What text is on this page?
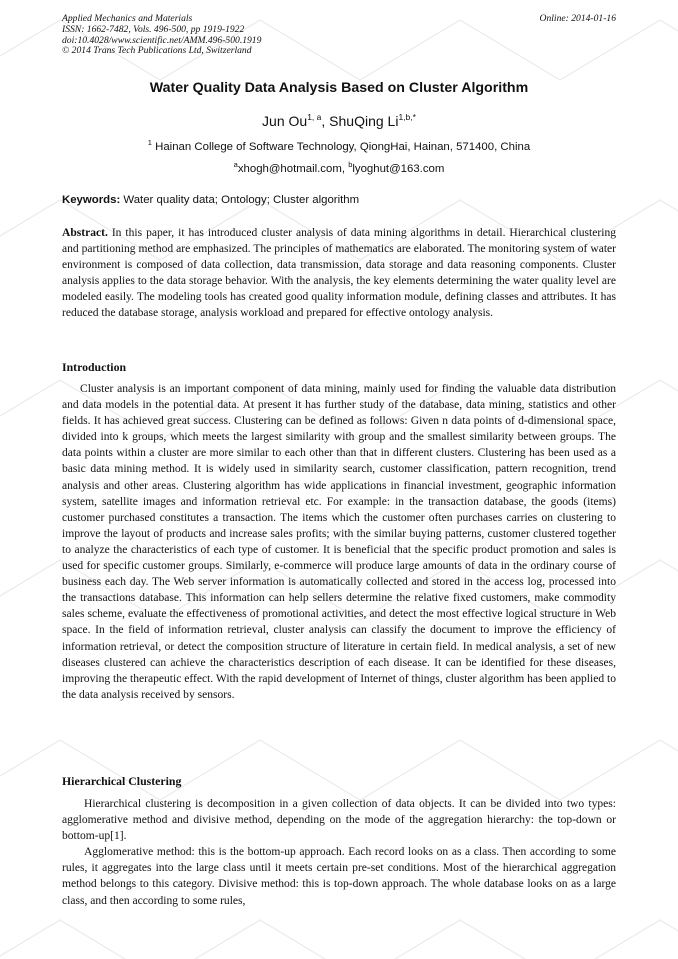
Applied Mechanics and Materials
ISSN: 1662-7482, Vols. 496-500, pp 1919-1922
doi:10.4028/www.scientific.net/AMM.496-500.1919
© 2014 Trans Tech Publications Ltd, Switzerland
Online: 2014-01-16
Water Quality Data Analysis Based on Cluster Algorithm
Jun Ou$^{1, a}$, ShuQing $Li^{1,b,*}$
$^1$ Hainan College of Software Technology, QiongHai, Hainan, 571400, China
$^a$xhogh@hotmail.com, $^b$lyoghut@163.com
Keywords: Water quality data; Ontology; Cluster algorithm
Abstract. In this paper, it has introduced cluster analysis of data mining algorithms in detail. Hierarchical clustering and partitioning method are emphasized. The principles of mathematics are elaborated. The monitoring system of water environment is composed of data collection, data transmission, data storage and data reasoning components. Cluster analysis applies to the data storage behavior. With the analysis, the key elements determining the water quality level are modeled easily. The modeling tools has created good quality information module, defining classes and attributes. It has reduced the database storage, analysis workload and prepared for effective ontology analysis.
Introduction
Cluster analysis is an important component of data mining, mainly used for finding the valuable data distribution and data models in the potential data. At present it has further study of the database, data mining, statistics and other fields. It has achieved great success. Clustering can be defined as follows: Given n data points of d-dimensional space, divided into k groups, which meets the largest similarity with group and the smallest similarity between groups. The data points within a cluster are more similar to each other than that in different clusters. Clustering has been used as a basic data mining method. It is widely used in similarity search, customer classification, pattern recognition, trend analysis and other areas. Clustering algorithm has wide applications in financial investment, geographic information system, satellite images and information retrieval etc. For example: in the transaction database, the goods (items) customer purchased constitutes a transaction. The items which the customer often purchases carries on clustering to improve the layout of products and increase sales profits; with the similar buying patterns, customer clustered together to analyze the characteristics of each type of customer. It is beneficial that the specific product promotion and sales is used for specific customer groups. Similarly, e-commerce will produce large amounts of data in the ordinary course of business each day. The Web server information is automatically collected and stored in the access log, processed into the transactions database. This information can help sellers determine the relative fixed customers, make commodity sales scheme, evaluate the effectiveness of promotional activities, and detect the most effective logical structure in Web space. In the field of information retrieval, cluster analysis can classify the document to improve the efficiency of information retrieval, or detect the composition structure of literature in certain field. In medical analysis, a set of new diseases clustered can achieve the characteristics description of each disease. It can be identified for these diseases, improving the therapeutic effect. With the rapid development of Internet of things, cluster algorithm has been applied to the data analysis received by sensors.
Hierarchical Clustering

Hierarchical clustering is decomposition in a given collection of data objects. It can be divided into two types: agglomerative method and divisive method, depending on the mode of the aggregation hierarchy: the top-down or bottom-up[1].

Agglomerative method: this is the bottom-up approach. Each record looks on as a class. Then according to some rules, it aggregates into the large class until it meets certain pre-set conditions. Most of the hierarchical aggregation method belongs to this category. Divisive method: this is top-down approach. The whole database looks on as a large class, and then according to some rules,
